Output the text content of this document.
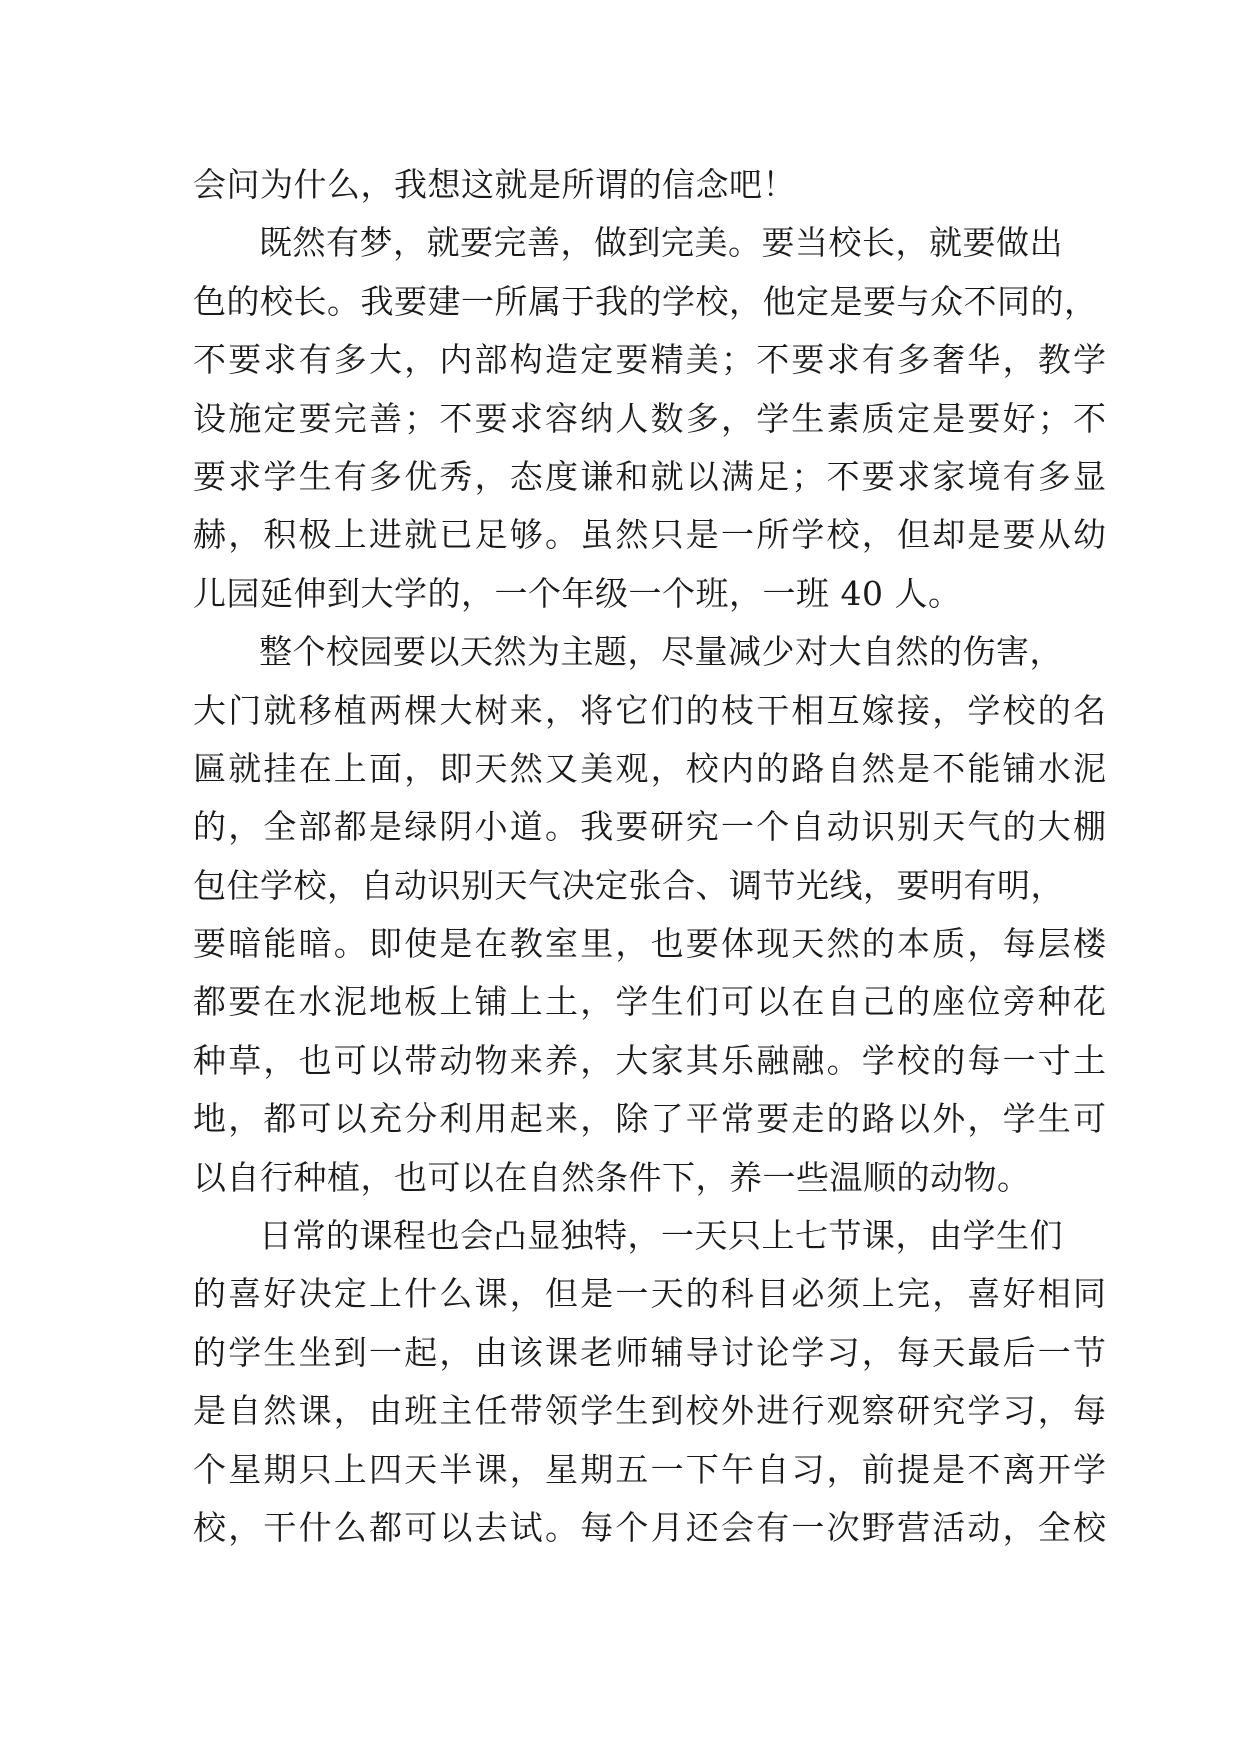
会问为什么，我想这就是所谓的信念吧！
既然有梦，就要完善，做到完美。要当校长，就要做出
色的校长。我要建一所属于我的学校，他定是要与众不同的，
不要求有多大，内部构造定要精美；不要求有多奢华，教学
设施定要完善；不要求容纳人数多，学生素质定是要好；不
要求学生有多优秀，态度谦和就以满足；不要求家境有多显
赫，积极上进就已足够。虽然只是一所学校，但却是要从幼
儿园延伸到大学的，一个年级一个班，一班 40 人。
整个校园要以天然为主题，尽量减少对大自然的伤害，
大门就移植两棵大树来，将它们的枝干相互嫁接，学校的名
匾就挂在上面，即天然又美观，校内的路自然是不能铺水泥
的，全部都是绿阴小道。我要研究一个自动识别天气的大棚
包住学校，自动识别天气决定张合、调节光线，要明有明，
要暗能暗。即使是在教室里，也要体现天然的本质，每层楼
都要在水泥地板上铺上土，学生们可以在自己的座位旁种花
种草，也可以带动物来养，大家其乐融融。学校的每一寸土
地，都可以充分利用起来，除了平常要走的路以外，学生可
以自行种植，也可以在自然条件下，养一些温顺的动物。
日常的课程也会凸显独特，一天只上七节课，由学生们
的喜好决定上什么课，但是一天的科目必须上完，喜好相同
的学生坐到一起，由该课老师辅导讨论学习，每天最后一节
是自然课，由班主任带领学生到校外进行观察研究学习，每
个星期只上四天半课，星期五一下午自习，前提是不离开学
校，干什么都可以去试。每个月还会有一次野营活动，全校
